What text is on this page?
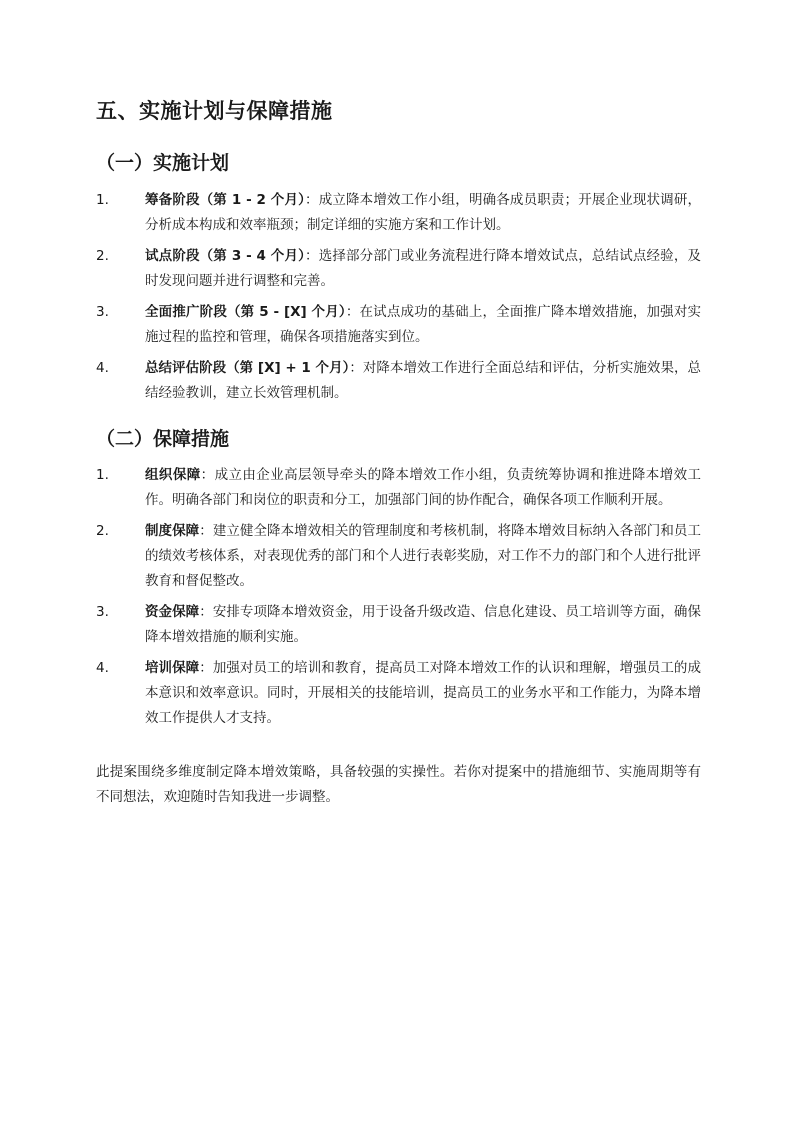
五、实施计划与保障措施
（一）实施计划
1.	筹备阶段（第 1 - 2 个月）：成立降本增效工作小组，明确各成员职责；开展企业现状调研，分析成本构成和效率瓶颈；制定详细的实施方案和工作计划。
2.	试点阶段（第 3 - 4 个月）：选择部分部门或业务流程进行降本增效试点，总结试点经验，及时发现问题并进行调整和完善。
3.	全面推广阶段（第 5 - [X] 个月）：在试点成功的基础上，全面推广降本增效措施，加强对实施过程的监控和管理，确保各项措施落实到位。
4.	总结评估阶段（第 [X] + 1 个月）：对降本增效工作进行全面总结和评估，分析实施效果，总结经验教训，建立长效管理机制。
（二）保障措施
1.	组织保障：成立由企业高层领导牵头的降本增效工作小组，负责统筹协调和推进降本增效工作。明确各部门和岗位的职责和分工，加强部门间的协作配合，确保各项工作顺利开展。
2.	制度保障：建立健全降本增效相关的管理制度和考核机制，将降本增效目标纳入各部门和员工的绩效考核体系，对表现优秀的部门和个人进行表彰奖励，对工作不力的部门和个人进行批评教育和督促整改。
3.	资金保障：安排专项降本增效资金，用于设备升级改造、信息化建设、员工培训等方面，确保降本增效措施的顺利实施。
4.	培训保障：加强对员工的培训和教育，提高员工对降本增效工作的认识和理解，增强员工的成本意识和效率意识。同时，开展相关的技能培训，提高员工的业务水平和工作能力，为降本增效工作提供人才支持。

此提案围绕多维度制定降本增效策略，具备较强的实操性。若你对提案中的措施细节、实施周期等有不同想法，欢迎随时告知我进一步调整。
